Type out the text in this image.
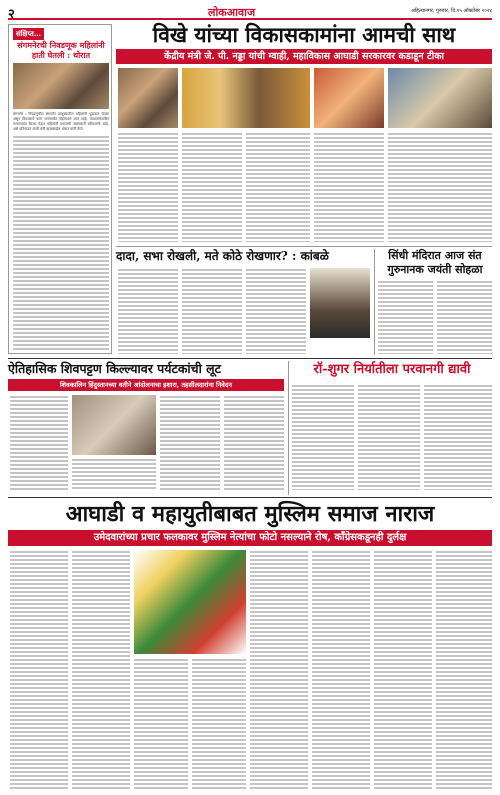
२	लोकआवाज	अहिल्यानगर, गुरुवार, दि.१५ ऑक्टोबर २०२४
संक्षिप्त...
संगमनेरची निवडणूक महिलांनी हाती घेतली : थोरात
संगमनेर : निवडणुकीत संगमनेर तालुक्यातील महिलांनी पुढाकार घेतला असून विकासाचे काम जनतेपर्यंत पोहोचवले जात आहे. मतदारसंघातील गावागावांत बैठका घेऊन महिलांनी प्रचाराची जबाबदारी स्वीकारली आहे, असे प्रतिपादन माजी मंत्री बाळासाहेब थोरात यांनी केले.
विखे यांच्या विकासकामांना आमची साथ
केंद्रीय मंत्री जे. पी. नड्डा यांची ग्वाही, महाविकास आघाडी सरकारवर कडाडून टीका
दादा, सभा रोखली, मते कोठे रोखणार? : कांबळे	सिंधी मंदिरात आज संत गुरुनानक जयंती सोहळा
ऐतिहासिक शिवपट्टण किल्ल्यावर पर्यटकांची लूट
शिवकालिन हिंदुस्तानच्या वतीने आंदोलनाचा इशारा, तहसीलदारांना निवेदन
रॉ-शुगर निर्यातीला परवानगी द्यावी
आघाडी व महायुतीबाबत मुस्लिम समाज नाराज
उमेदवारांच्या प्रचार फलकावर मुस्लिम नेत्यांचा फोटो नसल्याने रोष, काँग्रेसकडूनही दुर्लक्ष
